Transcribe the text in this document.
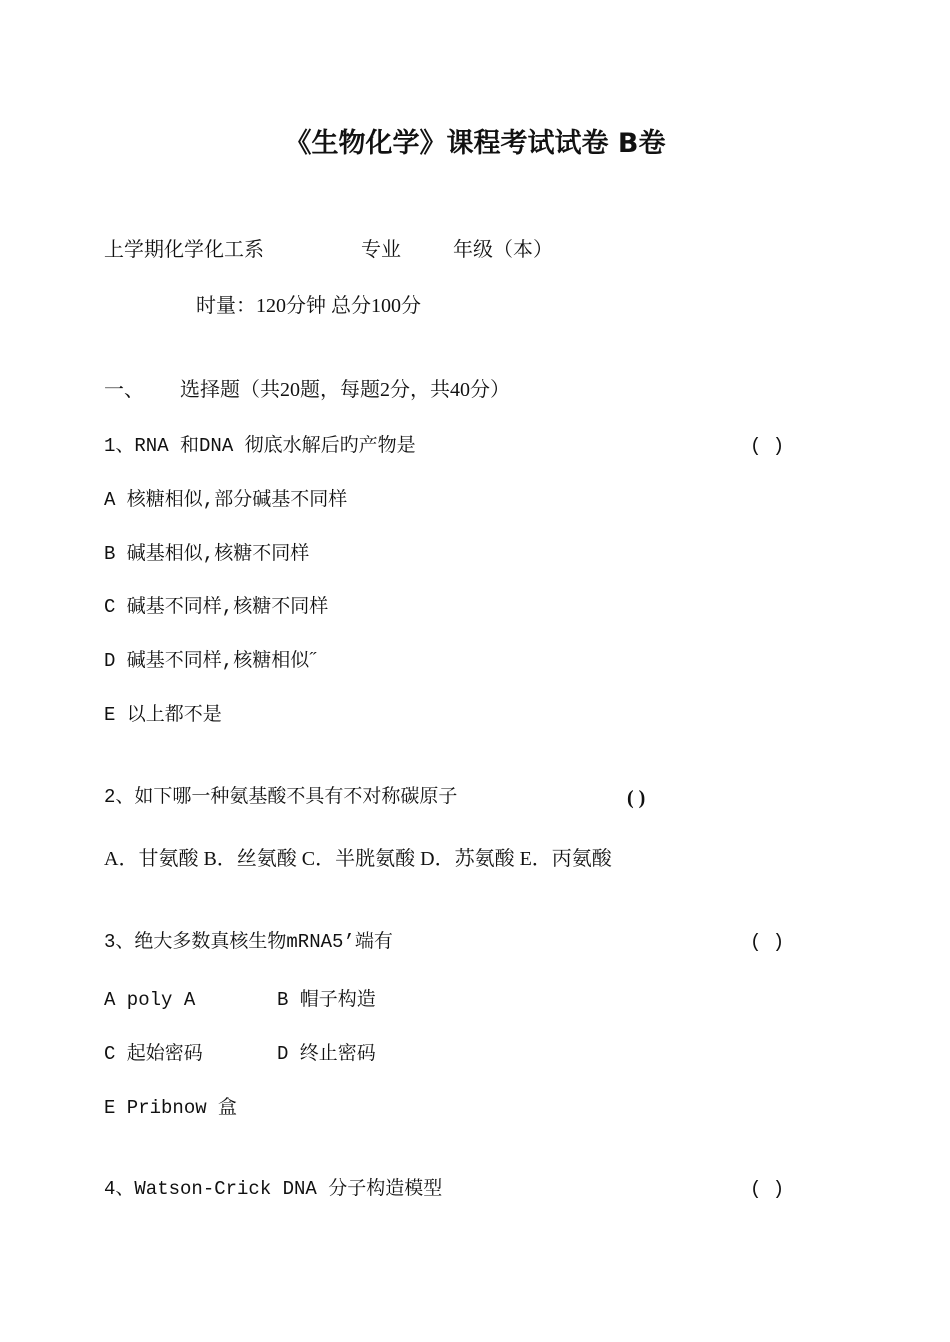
《生物化学》课程考试试卷 B卷
上学期化学化工系	专业	年级（本）
时量：120分钟 总分100分
一、 选择题（共20题，每题2分，共40分）
1、RNA 和DNA 彻底水解后旳产物是	( )
A 核糖相似,部分碱基不同样
B 碱基相似,核糖不同样
C 碱基不同样,核糖不同样
D 碱基不同样,核糖相似˝
E 以上都不是
2、如下哪一种氨基酸不具有不对称碳原子	( )
A．甘氨酸 B．丝氨酸 C．半胱氨酸 D．苏氨酸 E．丙氨酸
3、绝大多数真核生物mRNA5’端有	( )
A poly A	B 帽子构造
C 起始密码	D 终止密码
E Pribnow 盒
4、Watson-Crick DNA 分子构造模型	( )
